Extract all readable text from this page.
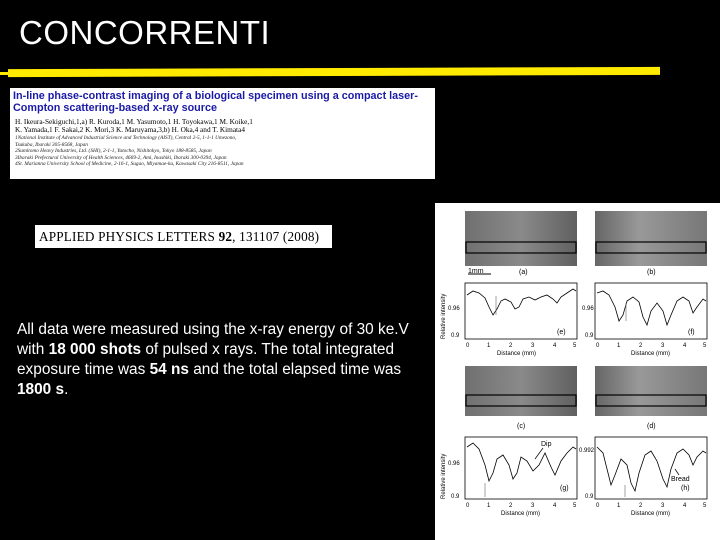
CONCORRENTI
In-line phase-contrast imaging of a biological specimen using a compact laser-Compton scattering-based x-ray source
H. Ikeura-Sekiguchi,1,a) R. Kuroda,1 M. Yasumoto,1 H. Toyokawa,1 M. Koike,1
K. Yamada,1 F. Sakai,2 K. Mori,3 K. Maruyama,3,b) H. Oka,4 and T. Kimata4
1National Institute of Advanced Industrial Science and Technology (AIST), Central 2-5, 1-1-1 Umezono,
Tsukuba, Ibaraki 305-8568, Japan
2Sumitomo Heavy Industries, Ltd. (SHI), 2-1-1, Yatocho, Nishitokyo, Tokyo 188-8585, Japan
3Ibaraki Prefectural University of Health Sciences, 4669-2, Ami, Inashiki, Ibaraki 300-0394, Japan
4St. Marianna University School of Medicine, 2-16-1, Sugao, Miyamae-ku, Kawasaki City 216-8511, Japan
APPLIED PHYSICS LETTERS 92, 131107 (2008)
All data were measured using the x-ray energy of 30 ke.V with 18 000 shots of pulsed x rays. The total integrated exposure time was 54 ns and the total elapsed time was 1800 s.
1mm	(a)	(b)
0.96
0.9	(e)
0	1	2	3	4	5
Distance (mm)
Relative intensity	0.96
0.9	(f)
0	1	2	3	4	5
Distance (mm)
(c)	(d)
0.96
0.9
Dip
(g)
0	1	2	3	4	5
Distance (mm)
Relative intensity
0.992
0.9
Bread
(h)
0	1	2	3	4	5
Distance (mm)
